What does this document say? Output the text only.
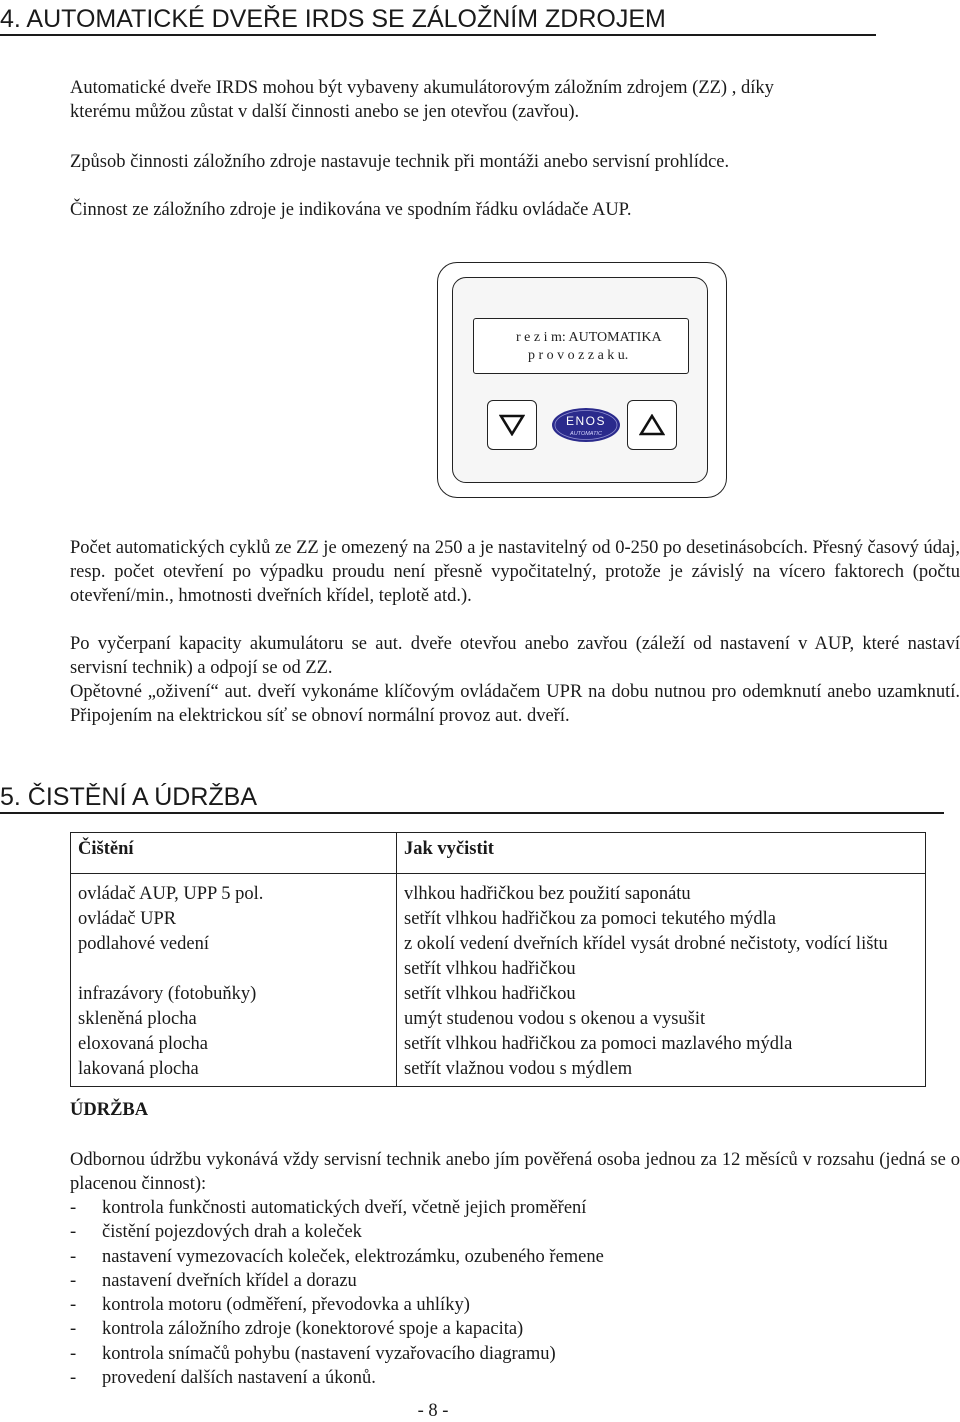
4. AUTOMATICKÉ DVEŘE IRDS SE ZÁLOŽNÍM ZDROJEM

Automatické dveře IRDS mohou být vybaveny akumulátorovým záložním zdrojem (ZZ) , díky

kterému můžou zůstat v další činnosti anebo se jen otevřou (zavřou).

Způsob činnosti záložního zdroje nastavuje technik při montáži anebo servisní prohlídce.

Činnost ze záložního zdroje je indikována ve spodním řádku ovládače AUP.

r e z i m: AUTOMATIKA
p r o v o z z a k u.
ENOS
AUTOMATIC

Počet automatických cyklů ze ZZ je omezený na 250 a je nastavitelný od 0-250 po desetinásobcích. Přesný časový údaj, resp. počet otevření po výpadku proudu není přesně vypočitatelný, protože je závislý na vícero faktorech (počtu otevření/min., hmotnosti dveřních křídel, teplotě atd.).

Po vyčerpaní kapacity akumulátoru se aut. dveře otevřou anebo zavřou (záleží od nastavení v AUP, které nastaví servisní technik) a odpojí se od ZZ.

Opětovné „oživení“ aut. dveří vykonáme klíčovým ovládačem UPR na dobu nutnou pro odemknutí anebo uzamknutí. Připojením na elektrickou síť se obnoví normální provoz aut. dveří.

5. ČISTĚNÍ A ÚDRŽBA
Čištění	Jak vyčistit

ovládač AUP, UPP 5 pol.	vlhkou hadřičkou bez použití saponátu
ovládač UPR	setřít vlhkou hadřičkou za pomoci tekutého mýdla
podlahové vedení	z okolí vedení dveřních křídel vysát drobné nečistoty, vodící lištu setřít vlhkou hadřičkou
infrazávory (fotobuňky)	setřít vlhkou hadřičkou
skleněná plocha	umýt studenou vodou s okenou a vysušit
eloxovaná plocha	setřít vlhkou hadřičkou za pomoci mazlavého mýdla
lakovaná plocha	setřít vlažnou vodou s mýdlem
ÚDRŽBA

Odbornou údržbu vykonává vždy servisní technik anebo jím pověřená osoba jednou za 12 měsíců v rozsahu (jedná se o placenou činnost):

- kontrola funkčnosti automatických dveří, včetně jejich proměření
- čistění pojezdových drah a koleček
- nastavení vymezovacích koleček, elektrozámku, ozubeného řemene
- nastavení dveřních křídel a dorazu
- kontrola motoru (odměření, převodovka a uhlíky)
- kontrola záložního zdroje (konektorové spoje a kapacita)
- kontrola snímačů pohybu (nastavení vyzařovacího diagramu)
- provedení dalších nastavení a úkonů.
- 8 -
